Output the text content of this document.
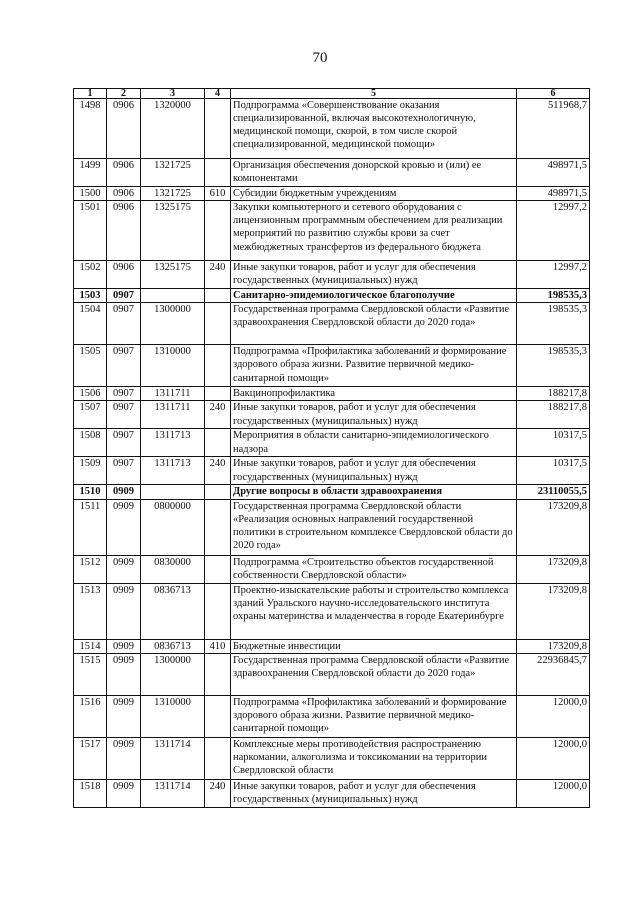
70
1	2	3	4	5	6
1498	0906	1320000		Подпрограмма «Совершенствование оказания специализированной, включая высокотехнологичную, медицинской помощи, скорой, в том числе скорой специализированной, медицинской помощи»	511968,7
1499	0906	1321725		Организация обеспечения донорской кровью и (или) ее компонентами	498971,5
1500	0906	1321725	610	Субсидии бюджетным учреждениям	498971,5
1501	0906	1325175		Закупки компьютерного и сетевого оборудования с лицензионным программным обеспечением для реализации мероприятий по развитию службы крови за счет межбюджетных трансфертов из федерального бюджета	12997,2
1502	0906	1325175	240	Иные закупки товаров, работ и услуг для обеспечения государственных (муниципальных) нужд	12997,2
1503	0907			Санитарно-эпидемиологическое благополучие	198535,3
1504	0907	1300000		Государственная программа Свердловской области «Развитие здравоохранения Свердловской области до 2020 года»	198535,3
1505	0907	1310000		Подпрограмма «Профилактика заболеваний и формирование здорового образа жизни. Развитие первичной медико-санитарной помощи»	198535,3
1506	0907	1311711		Вакцинопрофилактика	188217,8
1507	0907	1311711	240	Иные закупки товаров, работ и услуг для обеспечения государственных (муниципальных) нужд	188217,8
1508	0907	1311713		Мероприятия в области санитарно-эпидемиологического надзора	10317,5
1509	0907	1311713	240	Иные закупки товаров, работ и услуг для обеспечения государственных (муниципальных) нужд	10317,5
1510	0909			Другие вопросы в области здравоохранения	23110055,5
1511	0909	0800000		Государственная программа Свердловской области «Реализация основных направлений государственной политики в строительном комплексе Свердловской области до 2020 года»	173209,8
1512	0909	0830000		Подпрограмма «Строительство объектов государственной собственности Свердловской области»	173209,8
1513	0909	0836713		Проектно-изыскательские работы и строительство комплекса зданий Уральского научно-исследовательского института охраны материнства и младенчества в городе Екатеринбурге	173209,8
1514	0909	0836713	410	Бюджетные инвестиции	173209,8
1515	0909	1300000		Государственная программа Свердловской области «Развитие здравоохранения Свердловской области до 2020 года»	22936845,7
1516	0909	1310000		Подпрограмма «Профилактика заболеваний и формирование здорового образа жизни. Развитие первичной медико-санитарной помощи»	12000,0
1517	0909	1311714		Комплексные меры противодействия распространению наркомании, алкоголизма и токсикомании на территории Свердловской области	12000,0
1518	0909	1311714	240	Иные закупки товаров, работ и услуг для обеспечения государственных (муниципальных) нужд	12000,0
